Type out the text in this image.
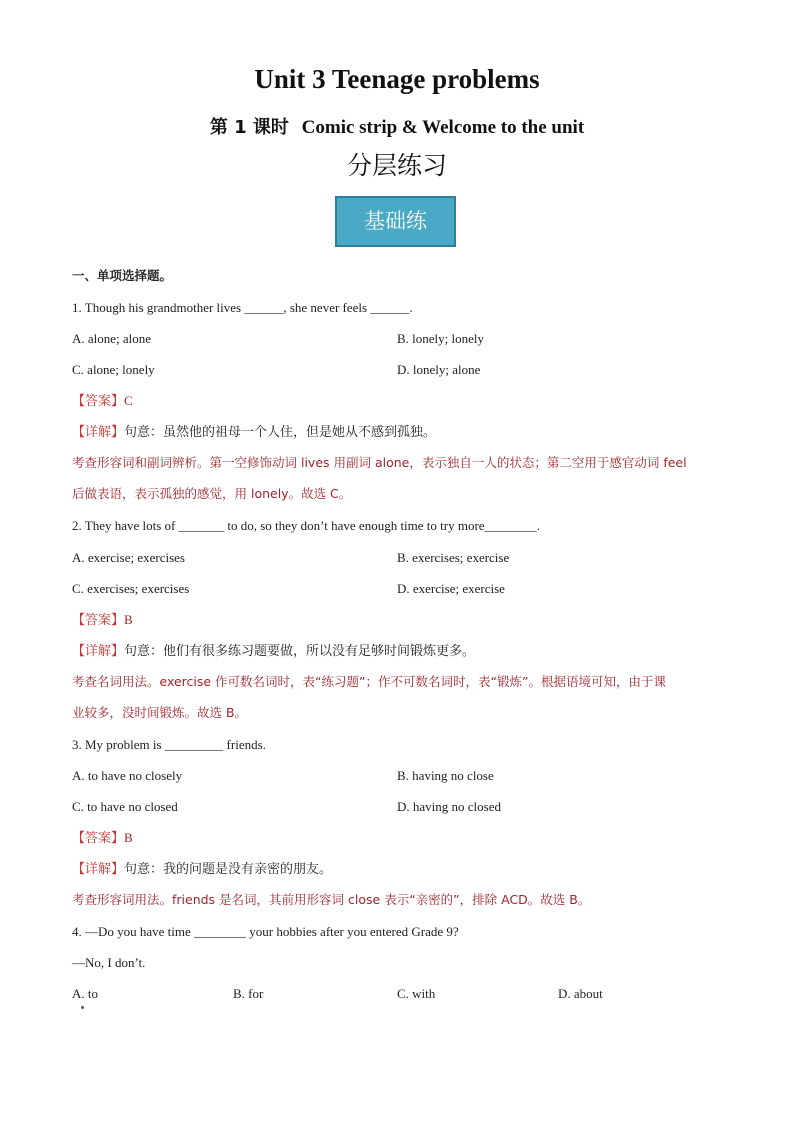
Unit 3 Teenage problems
第 1 课时 Comic strip & Welcome to the unit
分层练习
基础练
一、单项选择题。
1. Though his grandmother lives ______, she never feels ______.
A. alone; alone	B. lonely; lonely
C. alone; lonely	D. lonely; alone
【答案】C
【详解】句意：虽然他的祖母一个人住，但是她从不感到孤独。
考查形容词和副词辨析。第一空修饰动词 lives 用副词 alone，表示独自一人的状态；第二空用于感官动词 feel
后做表语，表示孤独的感觉，用 lonely。故选 C。
2. They have lots of _______ to do, so they don’t have enough time to try more________.
A. exercise; exercises	B. exercises; exercise
C. exercises; exercises	D. exercise; exercise
【答案】B
【详解】句意：他们有很多练习题要做，所以没有足够时间锻炼更多。
考查名词用法。exercise 作可数名词时，表“练习题”；作不可数名词时，表“锻炼”。根据语境可知，由于课
业较多，没时间锻炼。故选 B。
3. My problem is _________ friends.
A. to have no closely	B. having no close
C. to have no closed	D. having no closed
【答案】B
【详解】句意：我的问题是没有亲密的朋友。
考查形容词用法。friends 是名词，其前用形容词 close 表示“亲密的”，排除 ACD。故选 B。
4. —Do you have time ________ your hobbies after you entered Grade 9?
—No, I don’t.
A. to	B. for	C. with	D. about
